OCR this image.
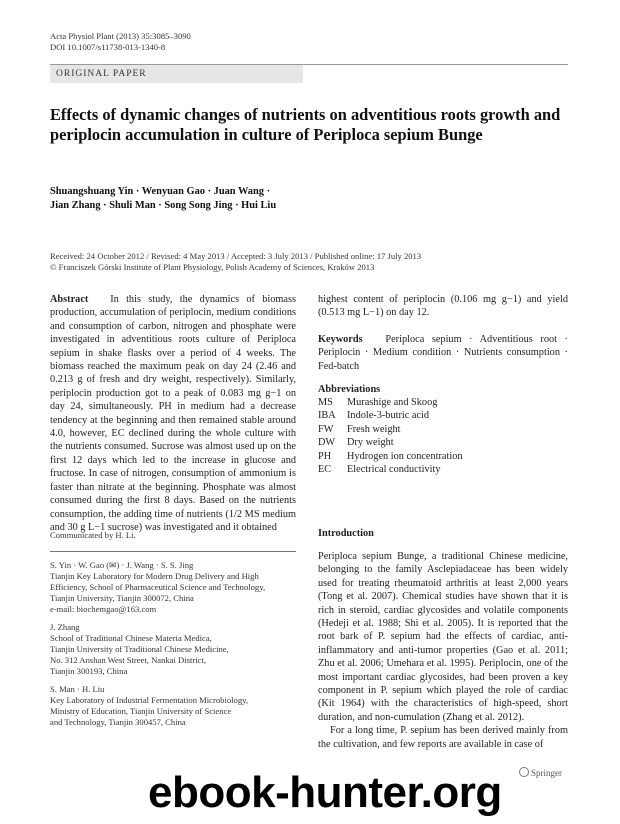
Acta Physiol Plant (2013) 35:3085–3090
DOI 10.1007/s11738-013-1340-8
ORIGINAL PAPER
Effects of dynamic changes of nutrients on adventitious roots growth and periplocin accumulation in culture of Periploca sepium Bunge
Shuangshuang Yin · Wenyuan Gao · Juan Wang ·
Jian Zhang · Shuli Man · Song Song Jing · Hui Liu
Received: 24 October 2012 / Revised: 4 May 2013 / Accepted: 3 July 2013 / Published online: 17 July 2013
© Franciszek Górski Institute of Plant Physiology, Polish Academy of Sciences, Kraków 2013
Abstract In this study, the dynamics of biomass production, accumulation of periplocin, medium conditions and consumption of carbon, nitrogen and phosphate were investigated in adventitious roots culture of Periploca sepium in shake flasks over a period of 4 weeks. The biomass reached the maximum peak on day 24 (2.46 and 0.213 g of fresh and dry weight, respectively). Similarly, periplocin production got to a peak of 0.083 mg g−1 on day 24, simultaneously. PH in medium had a decrease tendency at the beginning and then remained stable around 4.0, however, EC declined during the whole culture with the nutrients consumed. Sucrose was almost used up on the first 12 days which led to the increase in glucose and fructose. In case of nitrogen, consumption of ammonium is faster than nitrate at the beginning. Phosphate was almost consumed during the first 8 days. Based on the nutrients consumption, the adding time of nutrients (1/2 MS medium and 30 g L−1 sucrose) was investigated and it obtained
highest content of periplocin (0.106 mg g−1) and yield (0.513 mg L−1) on day 12.
Keywords Periploca sepium · Adventitious root · Periplocin · Medium condition · Nutrients consumption · Fed-batch
Abbreviations
MS	Murashige and Skoog
IBA	Indole-3-butric acid
FW	Fresh weight
DW	Dry weight
PH	Hydrogen ion concentration
EC	Electrical conductivity
Communicated by H. Li.
S. Yin · W. Gao (✉) · J. Wang · S. S. Jing
Tianjin Key Laboratory for Modern Drug Delivery and High
Efficiency, School of Pharmaceutical Science and Technology,
Tianjin University, Tianjin 300072, China
e-mail: biochemgao@163.com
J. Zhang
School of Traditional Chinese Materia Medica,
Tianjin University of Traditional Chinese Medicine,
No. 312 Anshan West Street, Nankai District,
Tianjin 300193, China
S. Man · H. Liu
Key Laboratory of Industrial Fermentation Microbiology,
Ministry of Education, Tianjin University of Science
and Technology, Tianjin 300457, China
Introduction

Periploca sepium Bunge, a traditional Chinese medicine, belonging to the family Asclepiadaceae has been widely used for treating rheumatoid arthritis at least 2,000 years (Tong et al. 2007). Chemical studies have shown that it is rich in steroid, cardiac glycosides and volatile components (Hedeji et al. 1988; Shi et al. 2005). It is reported that the root bark of P. sepium had the effects of cardiac, anti-inflammatory and anti-tumor properties (Gao et al. 2011; Zhu et al. 2006; Umehara et al. 1995). Periplocin, one of the most important cardiac glycosides, had been proven a key component in P. sepium which played the role of cardiac (Kit 1964) with the characteristics of high-speed, short duration, and non-cumulation (Zhang et al. 2012).

For a long time, P. sepium has been derived mainly from the cultivation, and few reports are available in case of

Springer
ebook-hunter.org
